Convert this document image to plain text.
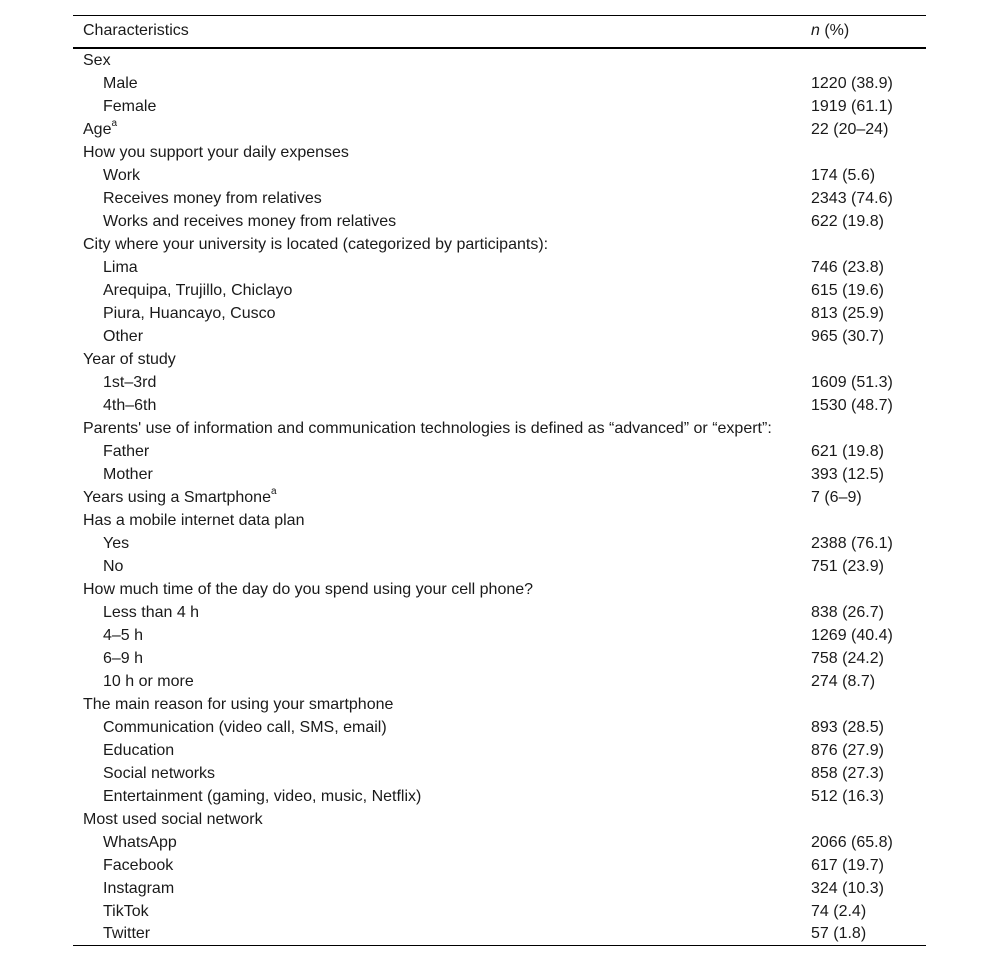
Characteristics	n (%)
Sex	
Male	1220 (38.9)
Female	1919 (61.1)
Age$^a$	22 (20–24)
How you support your daily expenses	
Work	174 (5.6)
Receives money from relatives	2343 (74.6)
Works and receives money from relatives	622 (19.8)
City where your university is located (categorized by participants):	
Lima	746 (23.8)
Arequipa, Trujillo, Chiclayo	615 (19.6)
Piura, Huancayo, Cusco	813 (25.9)
Other	965 (30.7)
Year of study	
1st–3rd	1609 (51.3)
4th–6th	1530 (48.7)
Parents' use of information and communication technologies is defined as “advanced” or “expert”:	
Father	621 (19.8)
Mother	393 (12.5)
Years using a Smartphone$^a$	7 (6–9)
Has a mobile internet data plan	
Yes	2388 (76.1)
No	751 (23.9)
How much time of the day do you spend using your cell phone?	
Less than 4 h	838 (26.7)
4–5 h	1269 (40.4)
6–9 h	758 (24.2)
10 h or more	274 (8.7)
The main reason for using your smartphone	
Communication (video call, SMS, email)	893 (28.5)
Education	876 (27.9)
Social networks	858 (27.3)
Entertainment (gaming, video, music, Netflix)	512 (16.3)
Most used social network	
WhatsApp	2066 (65.8)
Facebook	617 (19.7)
Instagram	324 (10.3)
TikTok	74 (2.4)
Twitter	57 (1.8)
